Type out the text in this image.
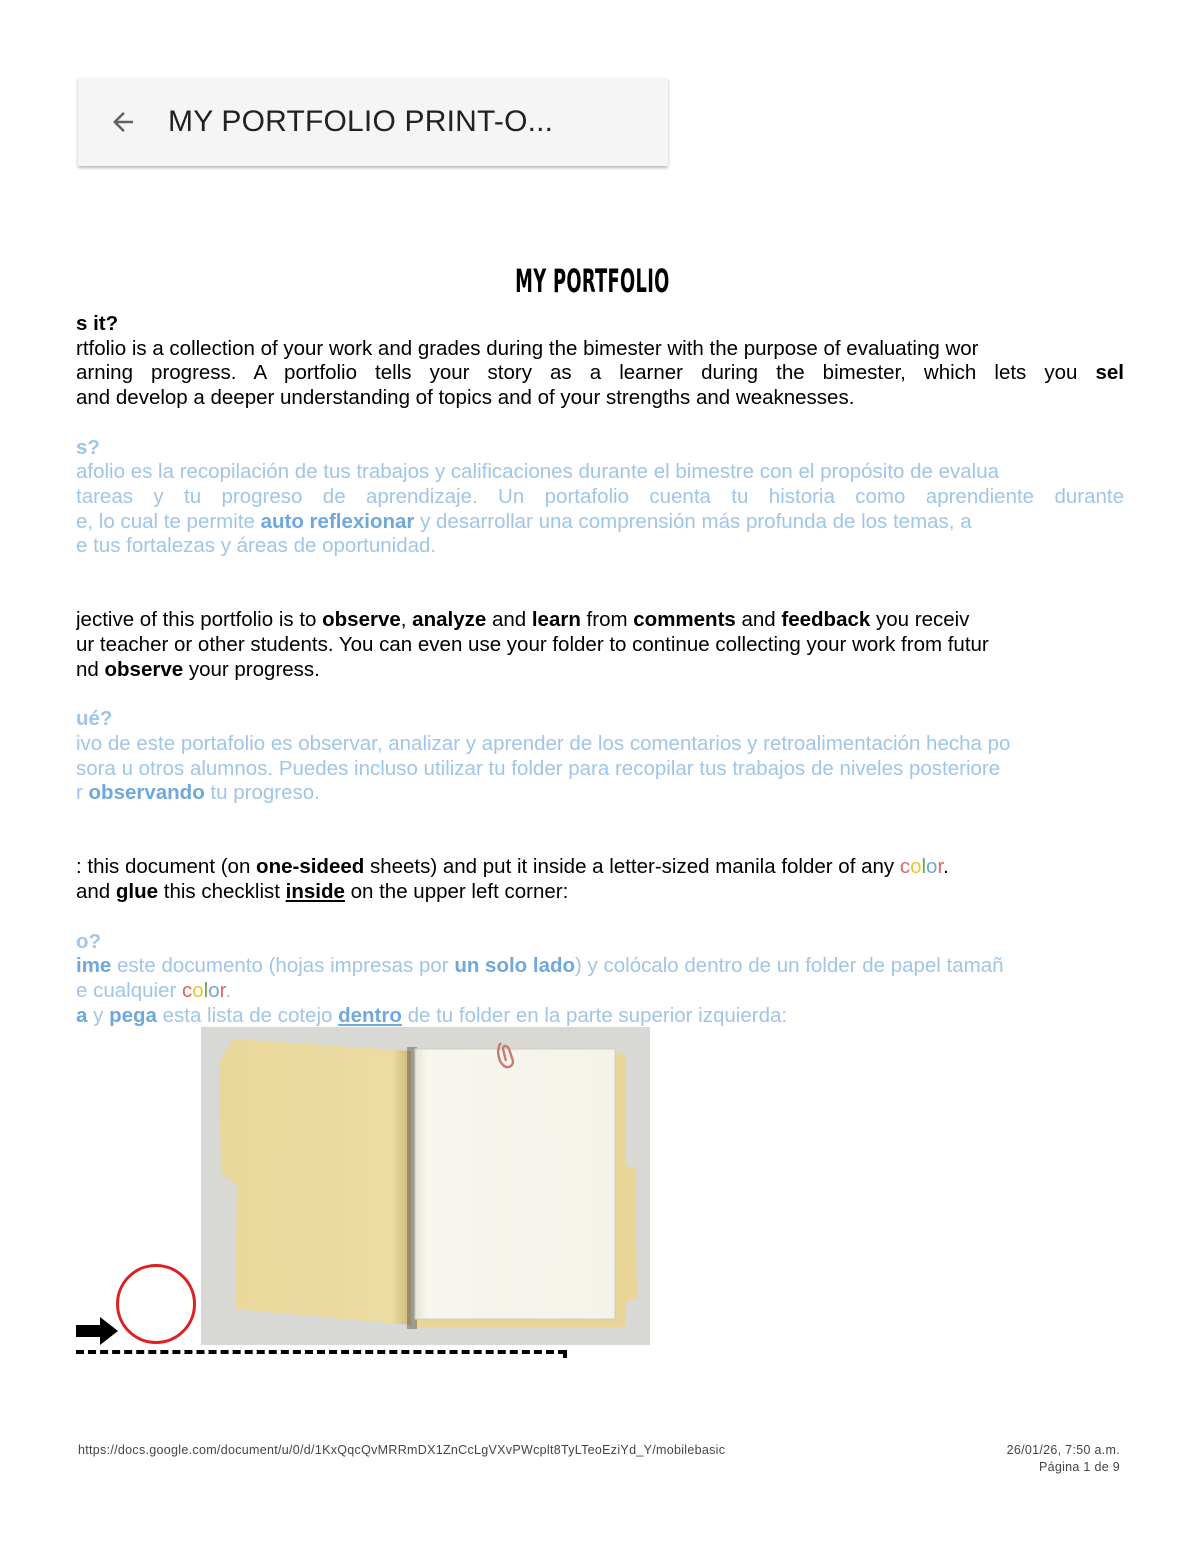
MY PORTFOLIO PRINT-O...
MY PORTFOLIO

s it?

rtfolio is a collection of your work and grades during the bimester with the purpose of evaluating wor

arning progress. A portfolio tells your story as a learner during the bimester, which lets you sel

and develop a deeper understanding of topics and of your strengths and weaknesses.

s?

afolio es la recopilación de tus trabajos y calificaciones durante el bimestre con el propósito de evalua

tareas y tu progreso de aprendizaje. Un portafolio cuenta tu historia como aprendiente durante

e, lo cual te permite auto reflexionar y desarrollar una comprensión más profunda de los temas, a

e tus fortalezas y áreas de oportunidad.

jective of this portfolio is to observe, analyze and learn from comments and feedback you receiv

ur teacher or other students. You can even use your folder to continue collecting your work from futur

nd observe your progress.

ué?

ivo de este portafolio es observar, analizar y aprender de los comentarios y retroalimentación hecha po

sora u otros alumnos. Puedes incluso utilizar tu folder para recopilar tus trabajos de niveles posteriore

r observando tu progreso.

: this document (on one-sideed sheets) and put it inside a letter-sized manila folder of any color.

and glue this checklist inside on the upper left corner:

o?

ime este documento (hojas impresas por un solo lado) y colócalo dentro de un folder de papel tamañ

e cualquier color.

a y pega esta lista de cotejo dentro de tu folder en la parte superior izquierda:

https://docs.google.com/document/u/0/d/1KxQqcQvMRRmDX1ZnCcLgVXvPWcplt8TyLTeoEziYd_Y/mobilebasic	26/01/26, 7:50 a.m.
Página 1 de 9
